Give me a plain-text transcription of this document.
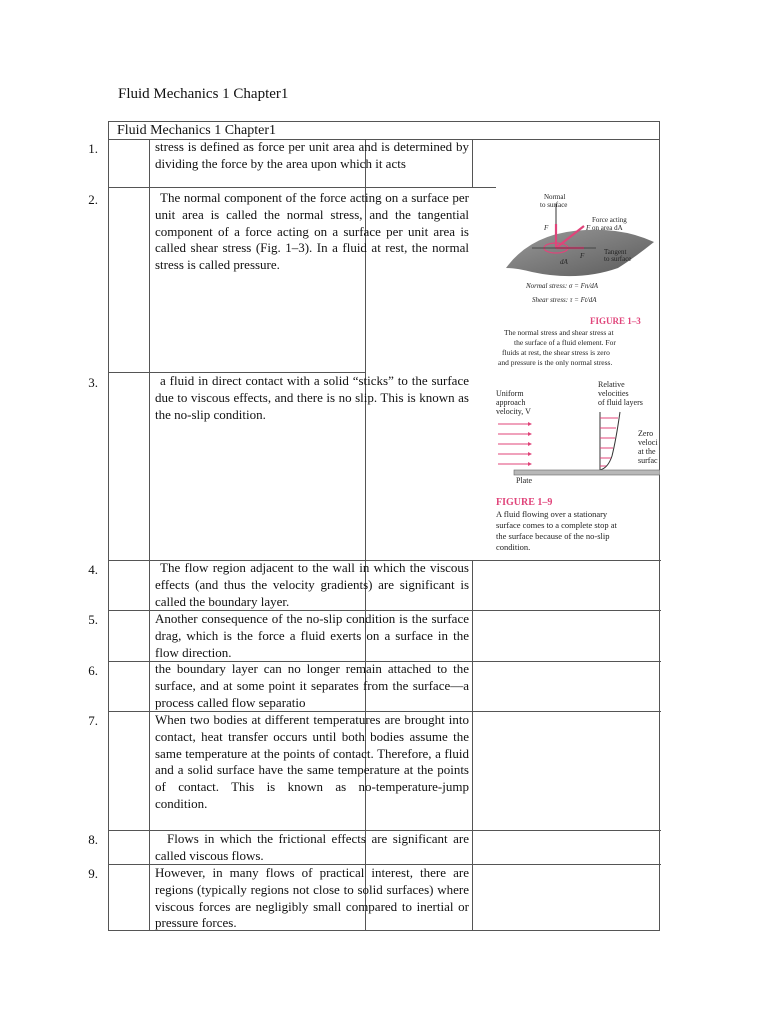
Fluid Mechanics 1 Chapter1
Fluid Mechanics 1 Chapter1
1.
2.
3.
4.
5.
6.
7.
8.
9.

stress is defined as force per unit area and is determined by dividing the force by the area upon which it acts

The normal component of the force acting on a surface per unit area is called the normal stress, and the tangential component of a force acting on a surface per unit area is called shear stress (Fig. 1–3). In a fluid at rest, the normal stress is called pressure.

a fluid in direct contact with a solid “sticks” to the surface due to viscous effects, and there is no slip. This is known as the no-slip condition.

The flow region adjacent to the wall in which the viscous effects (and thus the velocity gradients) are significant is called the boundary layer.

Another consequence of the no-slip condition is the surface drag, which is the force a fluid exerts on a surface in the flow direction.

the boundary layer can no longer remain attached to the surface, and at some point it separates from the surface—a process called flow separatio

When two bodies at different temperatures are brought into contact, heat transfer occurs until both bodies assume the same temperature at the points of contact. Therefore, a fluid and a solid surface have the same temperature at the points of contact. This is known as no-temperature-jump condition.

Flows in which the frictional effects are significant are called viscous flows.

However, in many flows of practical interest, there are regions (typically regions not close to solid surfaces) where viscous forces are negligibly small compared to inertial or pressure forces.

Normal
to surface
Force acting
on area dA
Tangent
to surface
F	F
F
dA
Normal stress: σ = Fn/dA
Shear stress: τ = Ft/dA
FIGURE 1–3
The normal stress and shear stress at
the surface of a fluid element. For
fluids at rest, the shear stress is zero
and pressure is the only normal stress.
Uniform
approach
velocity, V
Relative
velocities
of fluid layers
Zero
veloci
at the
surfac
Plate
FIGURE 1–9
A fluid flowing over a stationary
surface comes to a complete stop at
the surface because of the no-slip
condition.
